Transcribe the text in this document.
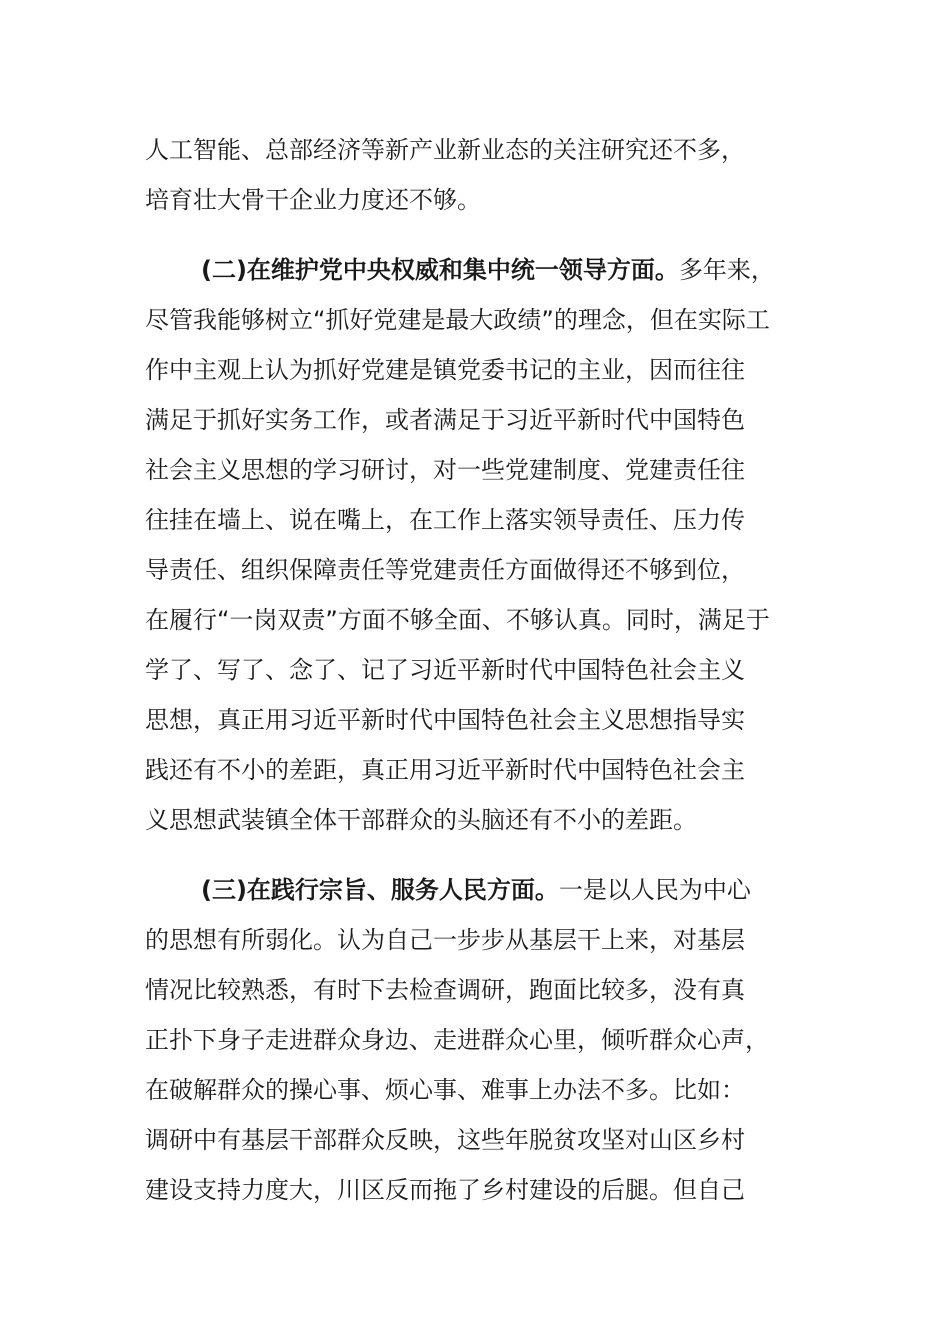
人工智能、总部经济等新产业新业态的关注研究还不多，
培育壮大骨干企业力度还不够。
(二)在维护党中央权威和集中统一领导方面。多年来，
尽管我能够树立“抓好党建是最大政绩”的理念，但在实际工
作中主观上认为抓好党建是镇党委书记的主业，因而往往
满足于抓好实务工作，或者满足于习近平新时代中国特色
社会主义思想的学习研讨，对一些党建制度、党建责任往
往挂在墙上、说在嘴上，在工作上落实领导责任、压力传
导责任、组织保障责任等党建责任方面做得还不够到位，
在履行“一岗双责”方面不够全面、不够认真。同时，满足于
学了、写了、念了、记了习近平新时代中国特色社会主义
思想，真正用习近平新时代中国特色社会主义思想指导实
践还有不小的差距，真正用习近平新时代中国特色社会主
义思想武装镇全体干部群众的头脑还有不小的差距。
(三)在践行宗旨、服务人民方面。一是以人民为中心
的思想有所弱化。认为自己一步步从基层干上来，对基层
情况比较熟悉，有时下去检查调研，跑面比较多，没有真
正扑下身子走进群众身边、走进群众心里，倾听群众心声，
在破解群众的操心事、烦心事、难事上办法不多。比如：
调研中有基层干部群众反映，这些年脱贫攻坚对山区乡村
建设支持力度大，川区反而拖了乡村建设的后腿。但自己
